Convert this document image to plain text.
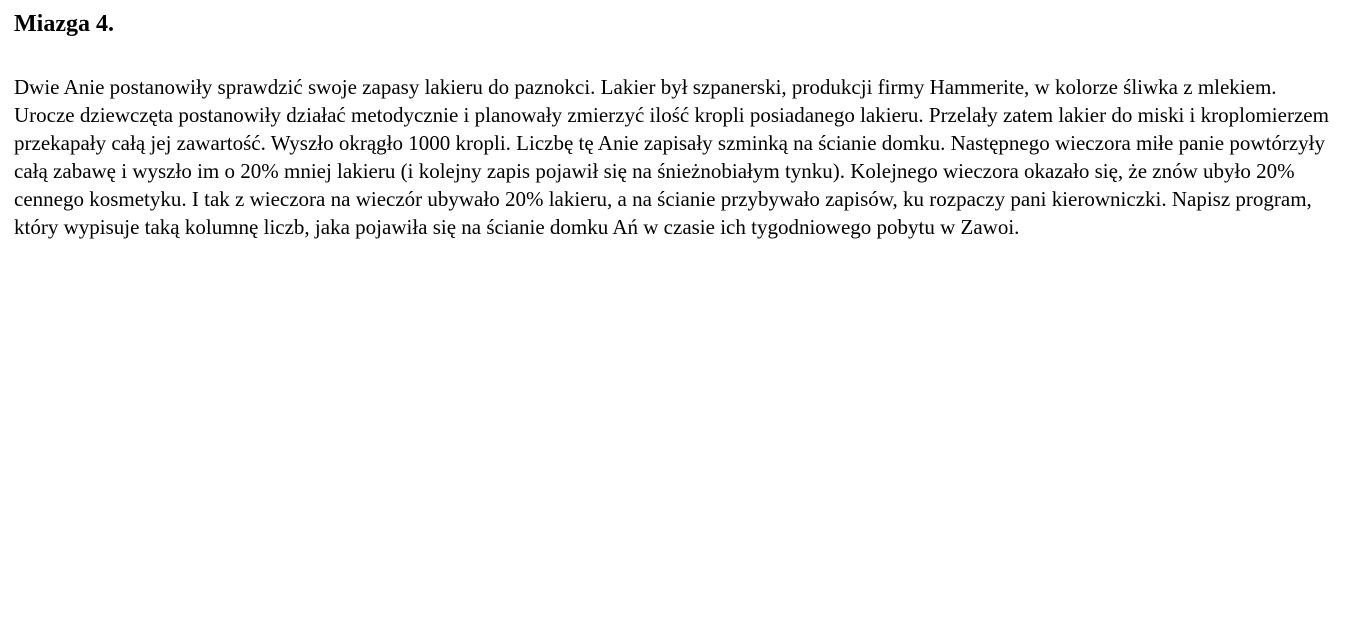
Miazga 4.

Dwie Anie postanowiły sprawdzić swoje zapasy lakieru do paznokci. Lakier był szpanerski, produkcji firmy Hammerite, w kolorze śliwka z mlekiem. Urocze dziewczęta postanowiły działać metodycznie i planowały zmierzyć ilość kropli posiadanego lakieru. Przelały zatem lakier do miski i kroplomierzem przekapały całą jej zawartość. Wyszło okrągło 1000 kropli. Liczbę tę Anie zapisały szminką na ścianie domku. Następnego wieczora miłe panie powtórzyły całą zabawę i wyszło im o 20% mniej lakieru (i kolejny zapis pojawił się na śnieżnobiałym tynku). Kolejnego wieczora okazało się, że znów ubyło 20% cennego kosmetyku. I tak z wieczora na wieczór ubywało 20% lakieru, a na ścianie przybywało zapisów, ku rozpaczy pani kierowniczki. Napisz program, który wypisuje taką kolumnę liczb, jaka pojawiła się na ścianie domku Ań w czasie ich tygodniowego pobytu w Zawoi.
